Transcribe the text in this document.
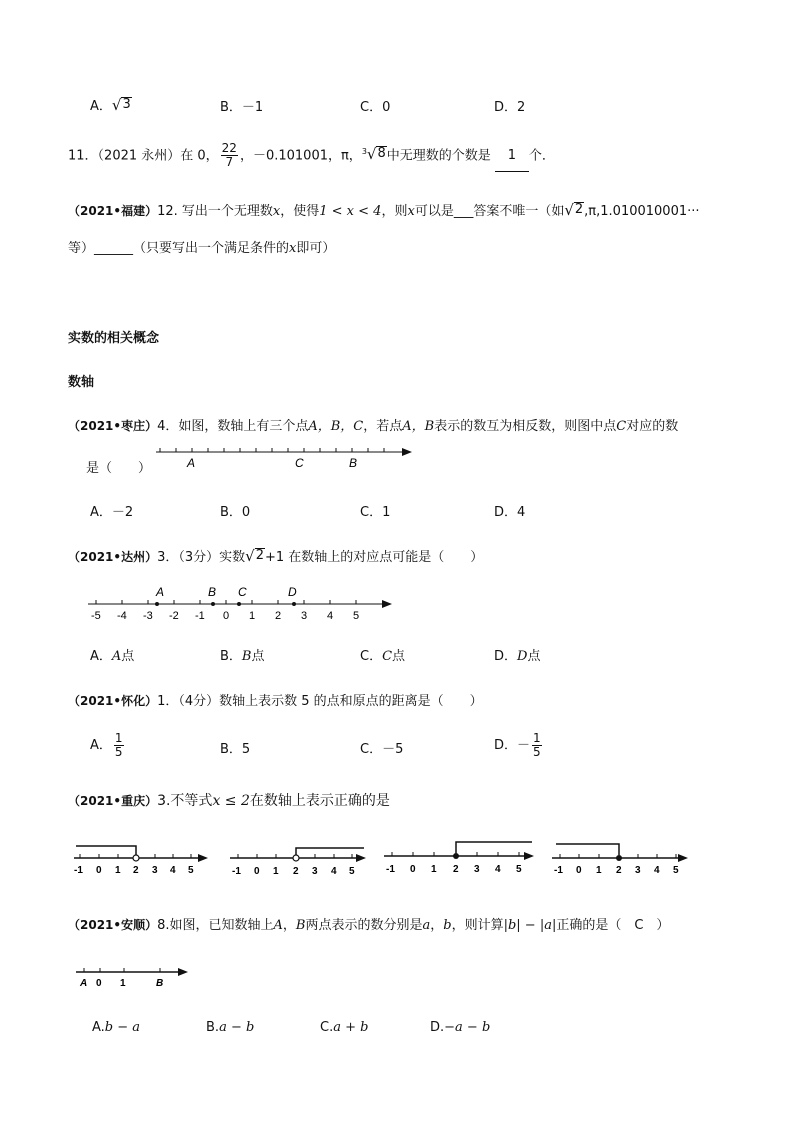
A． √ 3	B．－1	C．0	D．2
11．（2021 永州）在 0， $\frac{22}{7}$ ，－0.101001，π，$^3$ √ 8 中无理数的个数是 1 个．
（2021•福建）12. 写出一个无理数x，使得1 < x < 4，则x可以是___答案不唯一（如 √ 2 ,π,1.010010001···
等）______（只要写出一个满足条件的x即可）
实数的相关概念
数轴
（2021•枣庄）4．如图，数轴上有三个点A，B，C，若点A，B表示的数互为相反数，则图中点C对应的数
是（　　）	A	C	B
A．－2	B．0	C．1	D．4
（2021•达州）3．（3分）实数 √ 2 +1 在数轴上的对应点可能是（　　）
-5 -4 -3 -2 -1 0 1 2 3 4 5
A	B C	D
A．A点	B．B点	C．C点	D．D点
（2021•怀化）1．（4分）数轴上表示数 5 的点和原点的距离是（　　）
A． $\frac{1}{5}$	B．5	C．－5	D．－ $\frac{1}{5}$
（2021•重庆）3.不等式x ≤ 2在数轴上表示正确的是
-1 0 1 2 3 4 5	-1 0 1 2 3 4 5	-1 0 1 2 3 4 5	-1 0 1 2 3 4 5
（2021•安顺）8.如图，已知数轴上A，B两点表示的数分别是a，b，则计算|b| − |a|正确的是（　C　）
A 0 1	B
A.b − a	B.a − b	C.a + b	D.−a − b
